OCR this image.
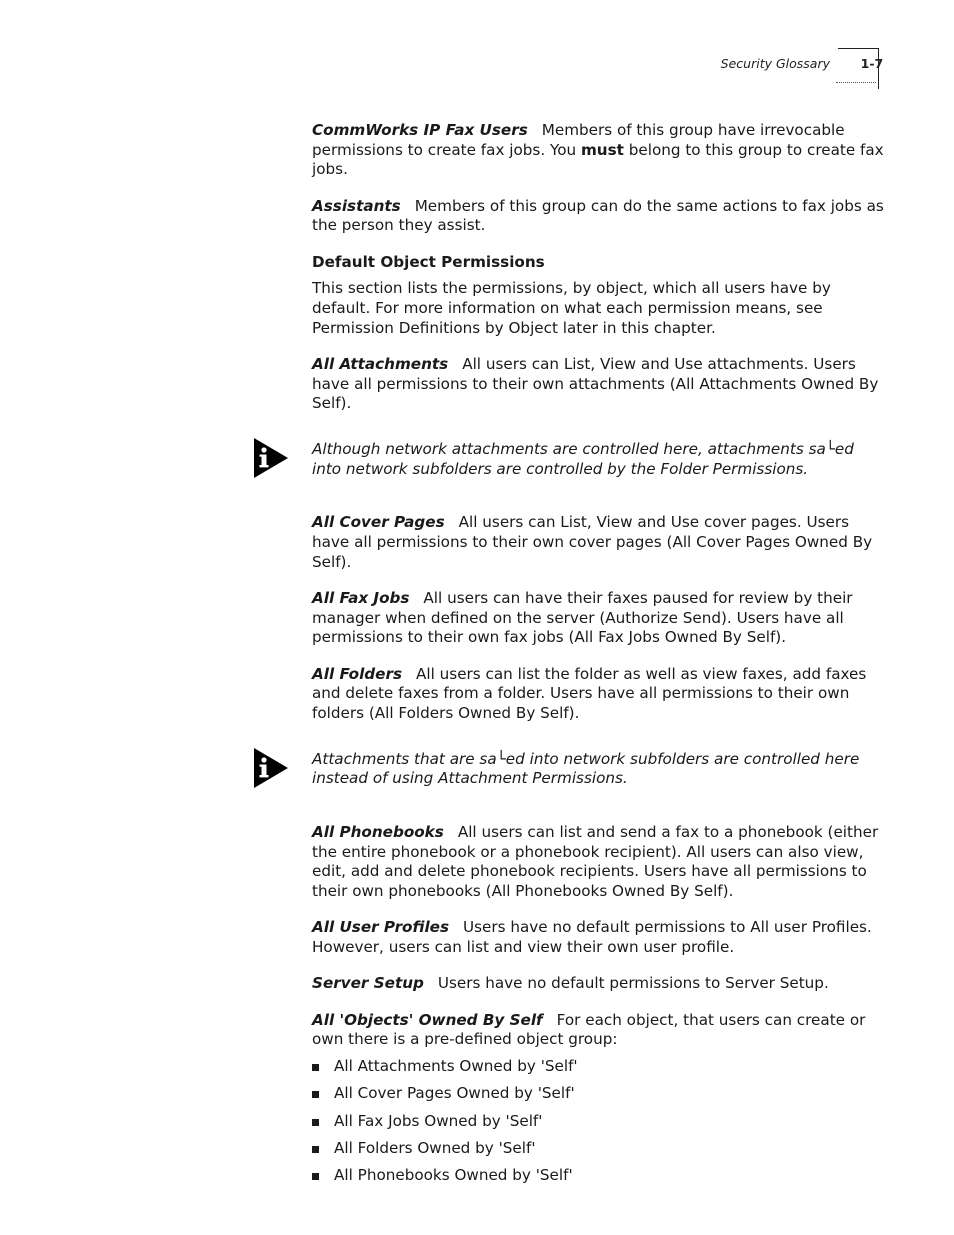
Security Glossary 1-7

CommWorks IP Fax Users Members of this group have irrevocable permissions to create fax jobs. You must belong to this group to create fax jobs.

Assistants Members of this group can do the same actions to fax jobs as the person they assist.

Default Object Permissions

This section lists the permissions, by object, which all users have by default. For more information on what each permission means, see Permission Definitions by Object later in this chapter.

All Attachments All users can List, View and Use attachments. Users have all permissions to their own attachments (All Attachments Owned By Self).

Although network attachments are controlled here, attachments sa└ed into network subfolders are controlled by the Folder Permissions.

All Cover Pages All users can List, View and Use cover pages. Users have all permissions to their own cover pages (All Cover Pages Owned By Self).

All Fax Jobs All users can have their faxes paused for review by their manager when defined on the server (Authorize Send). Users have all permissions to their own fax jobs (All Fax Jobs Owned By Self).

All Folders All users can list the folder as well as view faxes, add faxes and delete faxes from a folder. Users have all permissions to their own folders (All Folders Owned By Self).

Attachments that are sa└ed into network subfolders are controlled here instead of using Attachment Permissions.

All Phonebooks All users can list and send a fax to a phonebook (either the entire phonebook or a phonebook recipient). All users can also view, edit, add and delete phonebook recipients. Users have all permissions to their own phonebooks (All Phonebooks Owned By Self).

All User Profiles Users have no default permissions to All user Profiles. However, users can list and view their own user profile.

Server Setup Users have no default permissions to Server Setup.

All 'Objects' Owned By Self For each object, that users can create or own there is a pre-defined object group:

All Attachments Owned by 'Self'
All Cover Pages Owned by 'Self'
All Fax Jobs Owned by 'Self'
All Folders Owned by 'Self'
All Phonebooks Owned by 'Self'
